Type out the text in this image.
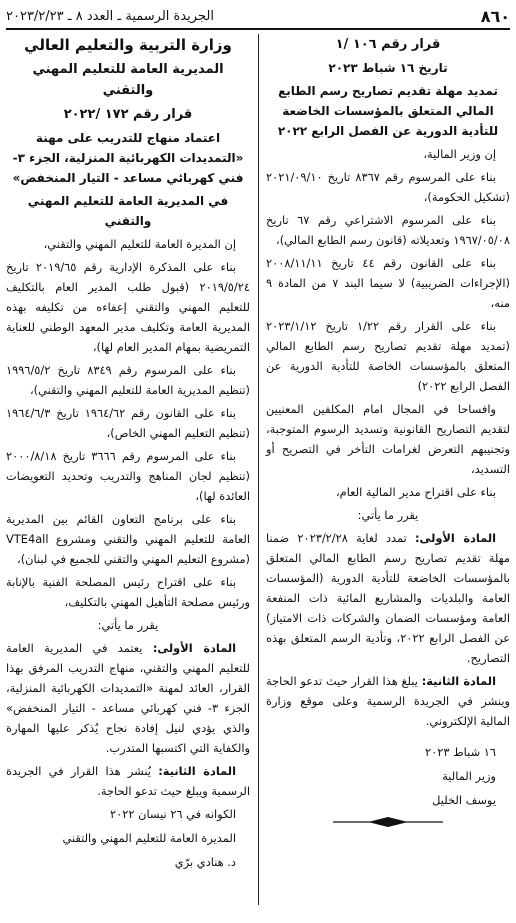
٨٦٠
الجريدة الرسمية ـ العدد ٨ ـ ٢٠٢٣/٢/٢٣

قرار رقم ١٠٦ /١

تاريخ ١٦ شباط ٢٠٢٣

تمديد مهلة تقديم تصاريح رسم الطابع المالي المتعلق بالمؤسسات الخاضعة للتأدية الدورية عن الفصل الرابع ٢٠٢٢

إن وزير المالية،

بناء على المرسوم رقم ٨٣٦٧ تاريخ ٢٠٢١/٠٩/١٠ (تشكيل الحكومة)،

بناء على المرسوم الاشتراعي رقم ٦٧ تاريخ ١٩٦٧/٠٥/٠٨ وتعديلاته (قانون رسم الطابع المالي)،

بناء على القانون رقم ٤٤ تاريخ ٢٠٠٨/١١/١١ (الإجراءات الضريبية) لا سيما البند ٧ من المادة ٩ منه،

بناء على القرار رقم ١/٢٢ تاريخ ٢٠٢٣/١/١٢ (تمديد مهلة تقديم تصاريح رسم الطابع المالي المتعلق بالمؤسسات الخاصة للتأدية الدورية عن الفصل الرابع ٢٠٢٢)

وافساحا في المجال امام المكلفين المعنيين لتقديم التصاريح القانونية وتسديد الرسوم المتوجبة، وتجنيبهم التعرض لغرامات التأخر في التصريح أو التسديد،

بناء على اقتراح مدير المالية العام،

يقرر ما يأتي:

المادة الأولى: تمدد لغاية ٢٠٢٣/٢/٢٨ ضمنا مهلة تقديم تصاريح رسم الطابع المالي المتعلق بالمؤسسات الخاضعة للتأدية الدورية (المؤسسات العامة والبلديات والمشاريع المائية ذات المنفعة العامة ومؤسسات الضمان والشركات ذات الامتياز) عن الفصل الرابع ٢٠٢٢، وتأدية الرسم المتعلق بهذه التصاريح.

المادة الثانية: يبلغ هذا القرار حيث تدعو الحاجة وينشر في الجريدة الرسمية وعلى موقع وزارة المالية الإلكتروني.

١٦ شباط ٢٠٢٣

وزير المالية

يوسف الخليل

وزارة التربية والتعليم العالي

المديرية العامة للتعليم المهني والتقني

قرار رقم ١٧٢ /٢٠٢٢

اعتماد منهاج للتدريب على مهنة «التمديدات الكهربائية المنزلية، الجزء ٣- فني كهربائي مساعد - التيار المنخفض»

في المديرية العامة للتعليم المهني والتقني

إن المديرة العامة للتعليم المهني والتقني،

بناء على المذكرة الإدارية رقم ٢٠١٩/٦٥ تاريخ ٢٠١٩/٥/٢٤ (قبول طلب المدير العام بالتكليف للتعليم المهني والتقني إعفاءه من تكليفه بهذه المديرية العامة وتكليف مدير المعهد الوطني للعناية التمريضية بمهام المدير العام لها)،

بناء على المرسوم رقم ٨٣٤٩ تاريخ ١٩٩٦/٥/٢ (تنظيم المديرية العامة للتعليم المهني والتقني)،

بناء على القانون رقم ١٩٦٤/٦٢ تاريخ ١٩٦٤/٦/٣ (تنظيم التعليم المهني الخاص)،

بناء على المرسوم رقم ٣٦٦٦ تاريخ ٢٠٠٠/٨/١٨ (تنظيم لجان المناهج والتدريب وتحديد التعويضات العائدة لها)،

بناء على برنامج التعاون القائم بين المديرية العامة للتعليم المهني والتقني ومشروع VTE4all (مشروع التعليم المهني والتقني للجميع في لبنان)،

بناء على اقتراح رئيس المصلحة الفنية بالإنابة ورئيس مصلحة التأهيل المهني بالتكليف،

يقرر ما يأتي:

المادة الأولى: يعتمد في المديرية العامة للتعليم المهني والتقني، منهاج التدريب المرفق بهذا القرار، العائد لمهنة «التمديدات الكهربائية المنزلية، الجزء ٣- فني كهربائي مساعد - التيار المنخفض» والذي يؤدي لنيل إفادة نجاح يُذكر عليها المهارة والكفاية التي اكتسبها المتدرب.

المادة الثانية: يُنشر هذا القرار في الجريدة الرسمية ويبلغ حيث تدعو الحاجة.

الكوانه في ٢٦ نيسان ٢٠٢٢

المديرة العامة للتعليم المهني والتقني

د. هنادي برّي
